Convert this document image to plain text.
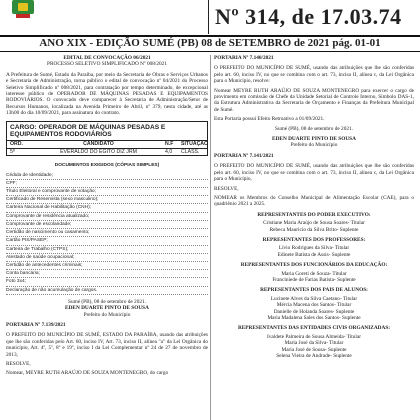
Nº 314, de 17.03.74
ANO XIX - EDIÇÃO SUMÉ (PB) 08 de SETEMBRO de 2021 pág. 01-01
EDITAL DE CONVOCAÇÃO 06/2021
PROCESSO SELETIVO SIMPLIFICADO Nº 008/2021

A Prefeitura de Sumé, Estado da Paraíba, por meio da Secretaria de Obras e Serviços Urbanos e Secretaria de Administração, torna público o edital de convocação nº 04/2021 do Processo Seletivo Simplificado nº 008/2021, para contratação por tempo determinado, de excepcional interesse público de OPERADOR DE MÁQUINAS PESADAS E EQUIPAMENTOS RODOVIÁRIOS. O convocado deve comparecer à Secretaria de Administração/Setor de Recursos Humanos, localizada na Avenida Primeiro de Abril, nº 379, nesta cidade, até as 13h00 do dia 10/09/2021, para assinatura do contrato.

CARGO: OPERADOR DE MÁQUINAS PESADAS E EQUIPAMENTOS RODOVIÁRIOS
ORD.	CANDIDATO	N.F	SITUAÇÃO
5º	EVERALDO DO EGITO DIZ JRM	4,0	CLASS.
DOCUMENTOS EXIGIDOS (CÓPIAS SIMPLES)
Cédula de Identidade;
CPF;
Título Eleitoral e comprovante de votação;
Certificado de Reservista (sexo masculino);
Carteira Nacional de Habilitação (CNH);
Comprovante de residência atualizado;
Comprovante de escolaridade;
Certidão de nascimento ou casamento;
Cartão PIS/PASEP;
Carteira de Trabalho (CTPS);
Atestado de saúde ocupacional;
Certidão de antecedentes criminais;
Conta bancária;
Foto 3x4;
Declaração de não acumulação de cargos.
Sumé (PB), 08 de setembro de 2021.
EDEN DUARTE PINTO DE SOUSA
Prefeito do Município
PORTARIA Nº 7.139/2021

O PREFEITO DO MUNICÍPIO DE SUMÉ, ESTADO DA PARAÍBA, usando das atribuições que lhe são conferidas pelo Art. 60, inciso IV, Art. 73, inciso II, alínea "a" da Lei Orgânica do município, Art. 4º, 5º, 8º e 19º, inciso I da Lei Complementar nº 24 de 27 de novembro de 2013,

RESOLVE,

Nomear, MEYRE RUTH ARAÚJO DE SOUZA MONTENEGRO, do cargo

PORTARIA Nº 7.140/2021

O PREFEITO DO MUNICÍPIO DE SUMÉ, usando das atribuições que lhe são conferidas pelo art. 60, inciso IV, no que se combina com o art. 73, inciso II, alínea c, da Lei Orgânica para o Município, resolve:

Nomear MEYRE RUTH ARAÚJO DE SOUZA MONTENEGRO para exercer o cargo de provimento em comissão de Chefe da Unidade Setorial de Controle Interno, Símbolo DAS-1, da Estrutura Administrativa da Secretaria de Orçamento e Finanças da Prefeitura Municipal de Sumé.

Esta Portaria possui Efeito Retroativo a 01/09/2021.

Sumé (PB), 08 de setembro de 2021.
EDEN DUARTE PINTO DE SOUSA
Prefeito do Município
PORTARIA Nº 7.141/2021

O PREFEITO DO MUNICÍPIO DE SUMÉ, usando das atribuições que lhe são conferidas pelo art. 60, inciso IV, no que se combina com o art. 73, inciso II, alínea c, da Lei Orgânica para o Município,

RESOLVE,

NOMEAR os Membros do Conselho Municipal de Alimentação Escolar (CAE), para o quadriênio 2021 a 2025.

REPRESENTANTES DO PODER EXECUTIVO:
Cristiane Maria Araújo de Sousa Soares- Titular
Rebeca Mauricio da Silva Brito- Suplente
REPRESENTANTES DOS PROFESSORES:
Lívio Rodrigues da Silva- Titular
Edinete Batista de Assis- Suplente
REPRESENTANTES DOS FUNCIONÁRIOS DA EDUCAÇÃO:
Maria Goreti de Souza- Titular
Franciniede de Farias Batista- Suplente
REPRESENTANTES DOS PAIS DE ALUNOS:
Lucinete Alves da Silva Caetano- Titular
Mércia Macena dos Santos- Titular
Danielle de Holanda Soares- Suplente
Maria Madalena Sales dos Santos- Suplente
REPRESENTANTES DAS ENTIDADES CIVIS ORGANIZADAS:
Ivaldete Palmeira de Sousa Almeida- Titular
Maria José da Silva- Titular
Maria José de Sousa- Suplente
Selena Vieira de Andrade- Suplente
